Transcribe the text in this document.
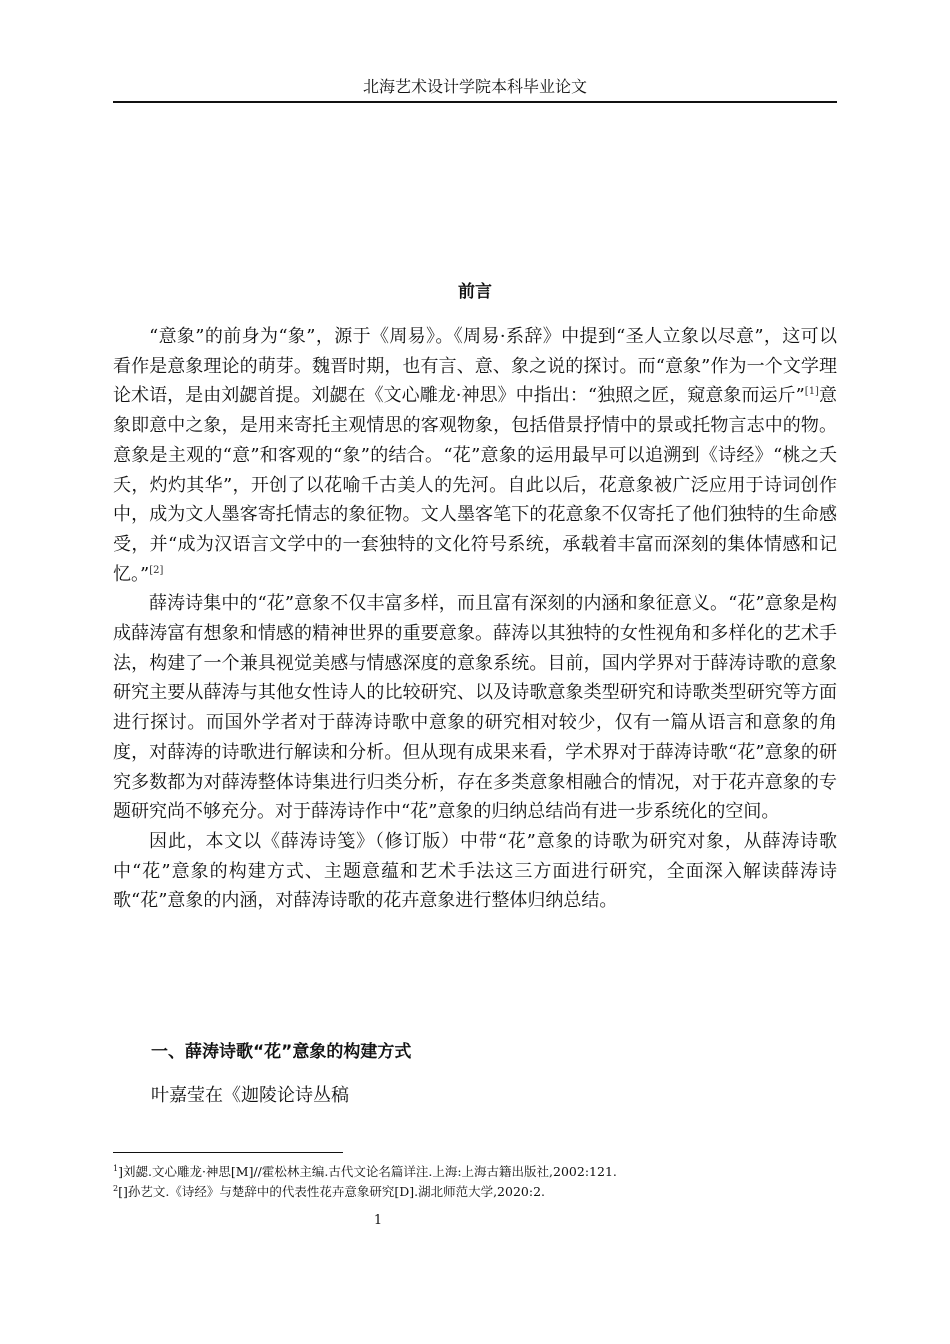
北海艺术设计学院本科毕业论文
前言

“意象”的前身为“象”，源于《周易》。《周易·系辞》中提到“圣人立象以尽意”，这可以看作是意象理论的萌芽。魏晋时期，也有言、意、象之说的探讨。而“意象”作为一个文学理论术语，是由刘勰首提。刘勰在《文心雕龙·神思》中指出：“独照之匠，窥意象而运斤”[1]意象即意中之象，是用来寄托主观情思的客观物象，包括借景抒情中的景或托物言志中的物。意象是主观的“意”和客观的“象”的结合。“花”意象的运用最早可以追溯到《诗经》“桃之夭夭，灼灼其华”，开创了以花喻千古美人的先河。自此以后，花意象被广泛应用于诗词创作中，成为文人墨客寄托情志的象征物。文人墨客笔下的花意象不仅寄托了他们独特的生命感受，并“成为汉语言文学中的一套独特的文化符号系统，承载着丰富而深刻的集体情感和记忆。”[2]

薛涛诗集中的“花”意象不仅丰富多样，而且富有深刻的内涵和象征意义。“花”意象是构成薛涛富有想象和情感的精神世界的重要意象。薛涛以其独特的女性视角和多样化的艺术手法，构建了一个兼具视觉美感与情感深度的意象系统。目前，国内学界对于薛涛诗歌的意象研究主要从薛涛与其他女性诗人的比较研究、以及诗歌意象类型研究和诗歌类型研究等方面进行探讨。而国外学者对于薛涛诗歌中意象的研究相对较少，仅有一篇从语言和意象的角度，对薛涛的诗歌进行解读和分析。但从现有成果来看，学术界对于薛涛诗歌“花”意象的研究多数都为对薛涛整体诗集进行归类分析，存在多类意象相融合的情况，对于花卉意象的专题研究尚不够充分。对于薛涛诗作中“花”意象的归纳总结尚有进一步系统化的空间。

因此，本文以《薛涛诗笺》（修订版）中带“花”意象的诗歌为研究对象，从薛涛诗歌中“花”意象的构建方式、主题意蕴和艺术手法这三方面进行研究，全面深入解读薛涛诗歌“花”意象的内涵，对薛涛诗歌的花卉意象进行整体归纳总结。

一、薛涛诗歌“花”意象的构建方式
叶嘉莹在《迦陵论诗丛稿
$^1$]刘勰.文心雕龙·神思[M]//霍松林主编.古代文论名篇详注.上海:上海古籍出版社,2002:121.
$^2$[]孙艺文.《诗经》与楚辞中的代表性花卉意象研究[D].湖北师范大学,2020:2.
1
